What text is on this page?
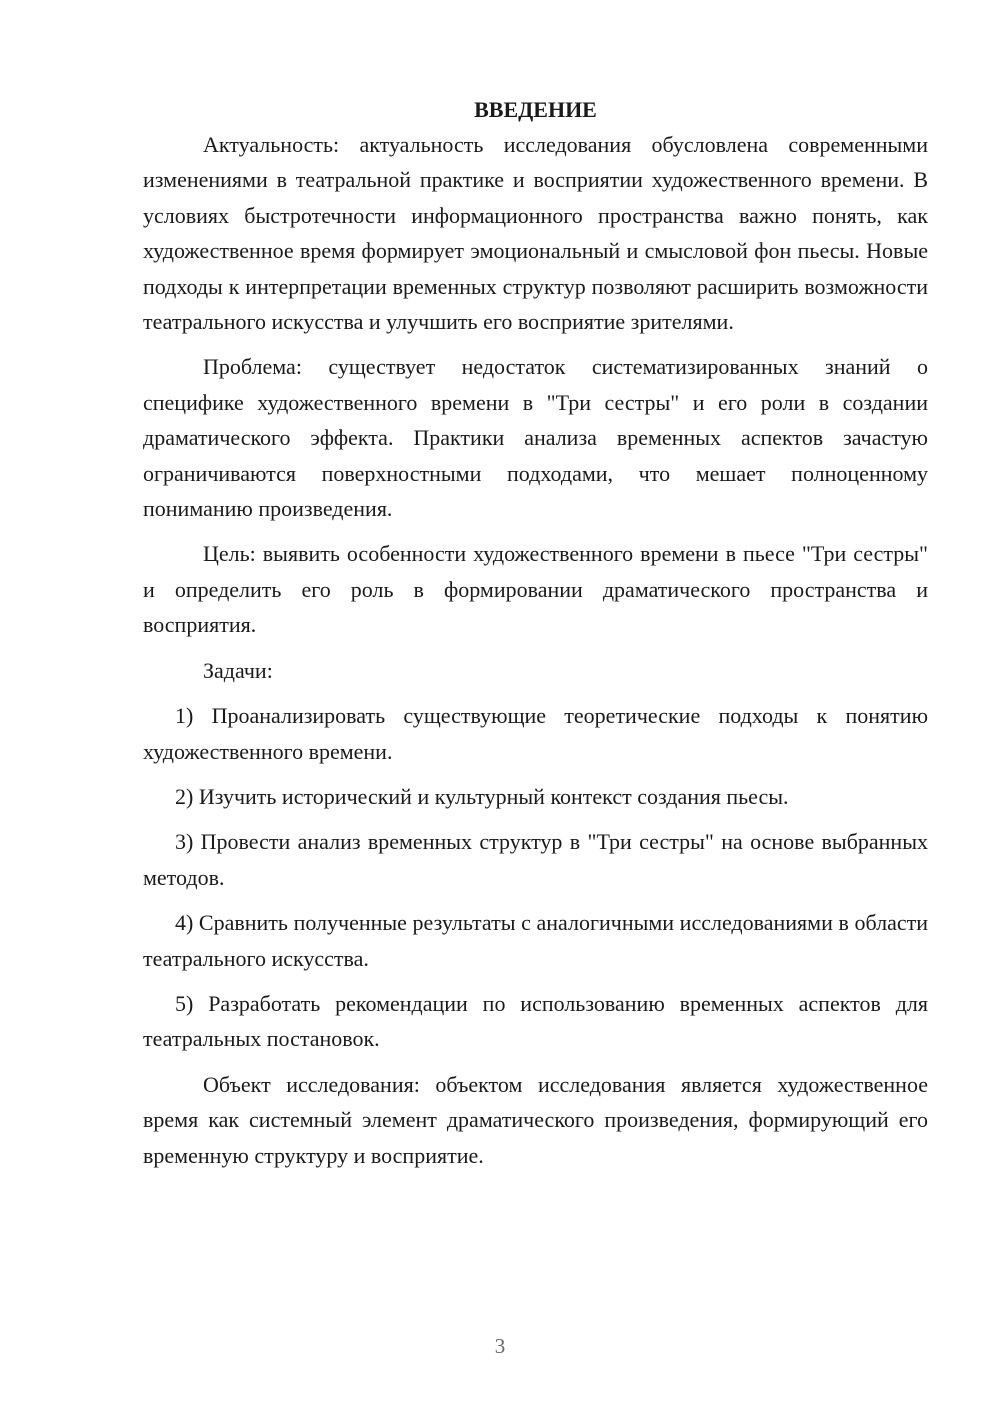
ВВЕДЕНИЕ

Актуальность: актуальность исследования обусловлена современными изменениями в театральной практике и восприятии художественного времени. В условиях быстротечности информационного пространства важно понять, как художественное время формирует эмоциональный и смысловой фон пьесы. Новые подходы к интерпретации временных структур позволяют расширить возможности театрального искусства и улучшить его восприятие зрителями.

Проблема: существует недостаток систематизированных знаний о специфике художественного времени в "Три сестры" и его роли в создании драматического эффекта. Практики анализа временных аспектов зачастую ограничиваются поверхностными подходами, что мешает полноценному пониманию произведения.

Цель: выявить особенности художественного времени в пьесе "Три сестры" и определить его роль в формировании драматического пространства и восприятия.

Задачи:

1) Проанализировать существующие теоретические подходы к понятию художественного времени.

2) Изучить исторический и культурный контекст создания пьесы.

3) Провести анализ временных структур в "Три сестры" на основе выбранных методов.

4) Сравнить полученные результаты с аналогичными исследованиями в области театрального искусства.

5) Разработать рекомендации по использованию временных аспектов для театральных постановок.

Объект исследования: объектом исследования является художественное время как системный элемент драматического произведения, формирующий его временную структуру и восприятие.

3
